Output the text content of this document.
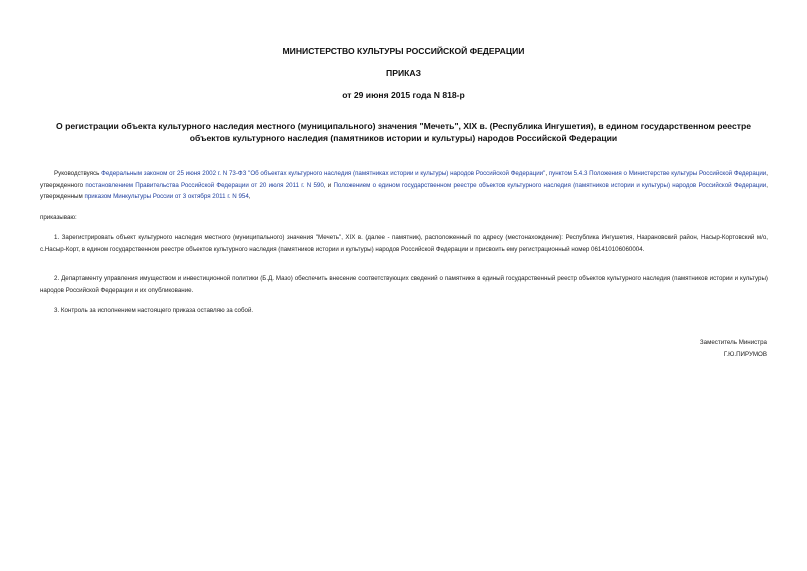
МИНИСТЕРСТВО КУЛЬТУРЫ РОССИЙСКОЙ ФЕДЕРАЦИИ
ПРИКАЗ
от 29 июня 2015 года N 818-р
О регистрации объекта культурного наследия местного (муниципального) значения "Мечеть", XIX в. (Республика Ингушетия), в едином государственном реестре объектов культурного наследия (памятников истории и культуры) народов Российской Федерации
Руководствуясь Федеральным законом от 25 июня 2002 г. N 73-ФЗ "Об объектах культурного наследия (памятниках истории и культуры) народов Российской Федерации", пунктом 5.4.3 Положения о Министерстве культуры Российской Федерации, утвержденного постановлением Правительства Российской Федерации от 20 июля 2011 г. N 590, и Положением о едином государственном реестре объектов культурного наследия (памятников истории и культуры) народов Российской Федерации, утвержденным приказом Минкультуры России от 3 октября 2011 г. N 954,
приказываю:
1. Зарегистрировать объект культурного наследия местного (муниципального) значения "Мечеть", XIX в. (далее - памятник), расположенный по адресу (местонахождение): Республика Ингушетия, Назрановский район, Насыр-Кортовский м/о, с.Насыр-Корт, в едином государственном реестре объектов культурного наследия (памятников истории и культуры) народов Российской Федерации и присвоить ему регистрационный номер 061410106060004.
2. Департаменту управления имуществом и инвестиционной политики (Б.Д. Мазо) обеспечить внесение соответствующих сведений о памятнике в единый государственный реестр объектов культурного наследия (памятников истории и культуры) народов Российской Федерации и их опубликование.
3. Контроль за исполнением настоящего приказа оставляю за собой.
Заместитель Министра
Г.Ю.ПИРУМОВ
